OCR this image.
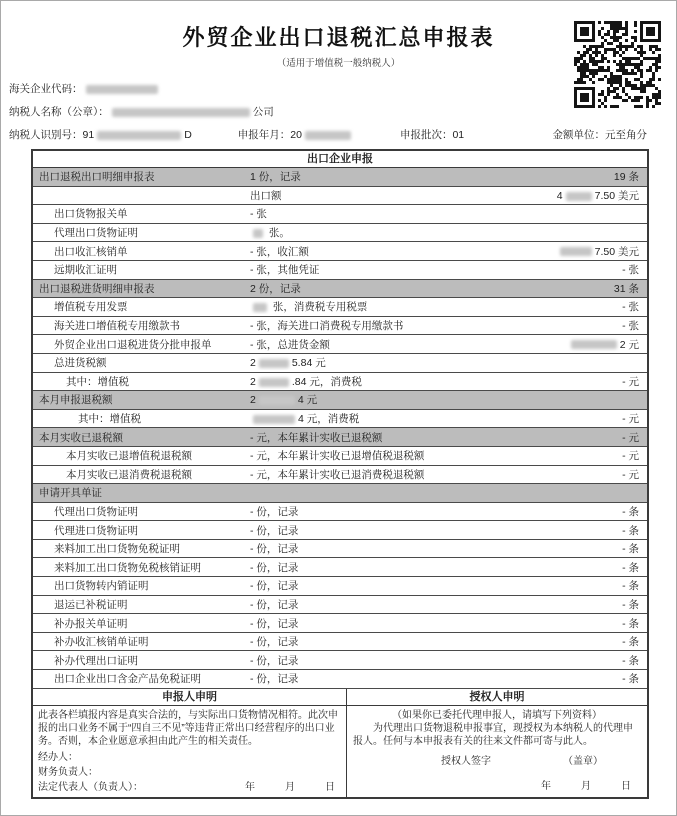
外贸企业出口退税汇总申报表
（适用于增值税一般纳税人）
海关企业代码：
纳税人名称（公章）：	公司
纳税人识别号：91	D	申报年月：20	申报批次：01	金额单位：元至角分
出口企业申报
出口退税出口明细申报表	1 份，记录	19 条
出口额	4	7.50 美元
出口货物报关单	- 张
代理出口货物证明	张。
出口收汇核销单	- 张，收汇额	7.50 美元
远期收汇证明	- 张，其他凭证	- 张
出口退税进货明细申报表	2 份，记录	31 条
增值税专用发票	张，消费税专用税票	- 张
海关进口增值税专用缴款书	- 张，海关进口消费税专用缴款书	- 张
外贸企业出口退税进货分批申报单	- 张，总进货金额	2 元
总进货税额	2	5.84 元
其中：增值税	2	.84 元，消费税	- 元
本月申报退税额	2	4 元
其中：增值税	4 元，消费税	- 元
本月实收已退税额	- 元，本年累计实收已退税额	- 元
本月实收已退增值税退税额	- 元，本年累计实收已退增值税退税额	- 元
本月实收已退消费税退税额	- 元，本年累计实收已退消费税退税额	- 元
申请开具单证
代理出口货物证明	- 份，记录	- 条
代理进口货物证明	- 份，记录	- 条
来料加工出口货物免税证明	- 份，记录	- 条
来料加工出口货物免税核销证明	- 份，记录	- 条
出口货物转内销证明	- 份，记录	- 条
退运已补税证明	- 份，记录	- 条
补办报关单证明	- 份，记录	- 条
补办收汇核销单证明	- 份，记录	- 条
补办代理出口证明	- 份，记录	- 条
出口企业出口含金产品免税证明	- 份，记录	- 条
申报人申明	授权人申明

此表各栏填报内容是真实合法的，与实际出口货物情况相符。此次申报的出口业务不属于“四自三不见”等违背正常出口经营程序的出口业务。否则，本企业愿意承担由此产生的相关责任。

经办人：
财务负责人：
法定代表人（负责人）：	年　　　月　　　日

（如果你已委托代理申报人，请填写下列资料）

为代理出口货物退税申报事宜，现授权为本纳税人的代理申报人。任何与本申报表有关的往来文件都可寄与此人。

授权人签字	（盖章）
年　　　月　　　日
